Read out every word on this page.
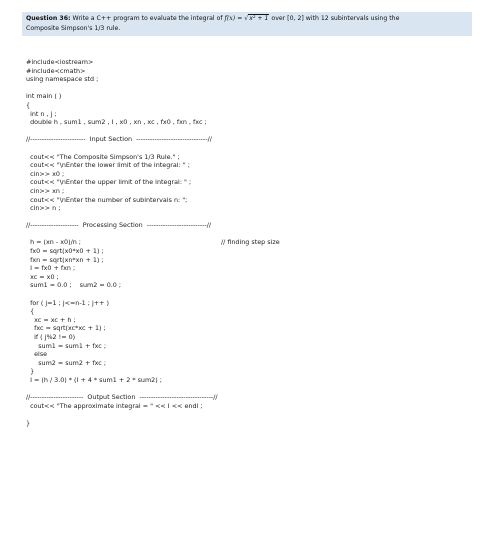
Question 36: Write a C++ program to evaluate the integral of f(x) = √x² + 1 over [0, 2] with 12 subintervals using the
Composite Simpson's 1/3 rule.
#include<iostream>
#include<cmath>
using namespace std ;
int main ( )
{
int n , j ;
double h , sum1 , sum2 , I , x0 , xn , xc , fx0 , fxn , fxc ;
//------------------------  Input Section  -------------------------------//
cout<< "The Composite Simpson's 1/3 Rule." ;
cout<< "\nEnter the lower limit of the integral: " ;
cin>> x0 ;
cout<< "\nEnter the upper limit of the integral: " ;
cin>> xn ;
cout<< "\nEnter the number of subintervals n: ";
cin>> n ;
//---------------------  Processing Section  --------------------------//
h = (xn - x0)/n ;	// finding step size
fx0 = sqrt(x0*x0 + 1) ;
fxn = sqrt(xn*xn + 1) ;
I = fx0 + fxn ;
xc = x0 ;
sum1 = 0.0 ;    sum2 = 0.0 ;
for ( j=1 ; j<=n-1 ; j++ )
{
xc = xc + h ;
fxc = sqrt(xc*xc + 1) ;
if ( j%2 != 0)
sum1 = sum1 + fxc ;
else
sum2 = sum2 + fxc ;
}
I = (h / 3.0) * (I + 4 * sum1 + 2 * sum2) ;
//-----------------------  Output Section  --------------------------------//
cout<< "The approximate integral = " << I << endl ;
}
